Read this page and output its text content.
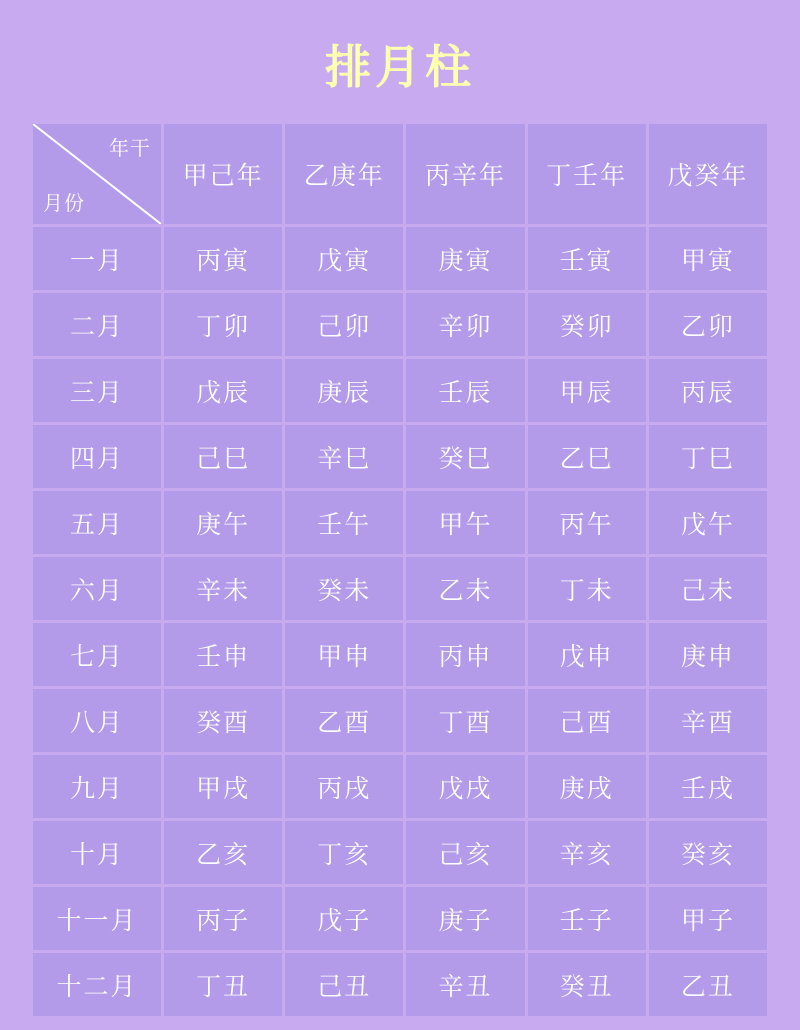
排月柱
年干
月份	甲己年	乙庚年	丙辛年	丁壬年	戊癸年
一月	丙寅	戊寅	庚寅	壬寅	甲寅
二月	丁卯	己卯	辛卯	癸卯	乙卯
三月	戊辰	庚辰	壬辰	甲辰	丙辰
四月	己巳	辛巳	癸巳	乙巳	丁巳
五月	庚午	壬午	甲午	丙午	戊午
六月	辛未	癸未	乙未	丁未	己未
七月	壬申	甲申	丙申	戊申	庚申
八月	癸酉	乙酉	丁酉	己酉	辛酉
九月	甲戌	丙戌	戊戌	庚戌	壬戌
十月	乙亥	丁亥	己亥	辛亥	癸亥
十一月	丙子	戊子	庚子	壬子	甲子
十二月	丁丑	己丑	辛丑	癸丑	乙丑
